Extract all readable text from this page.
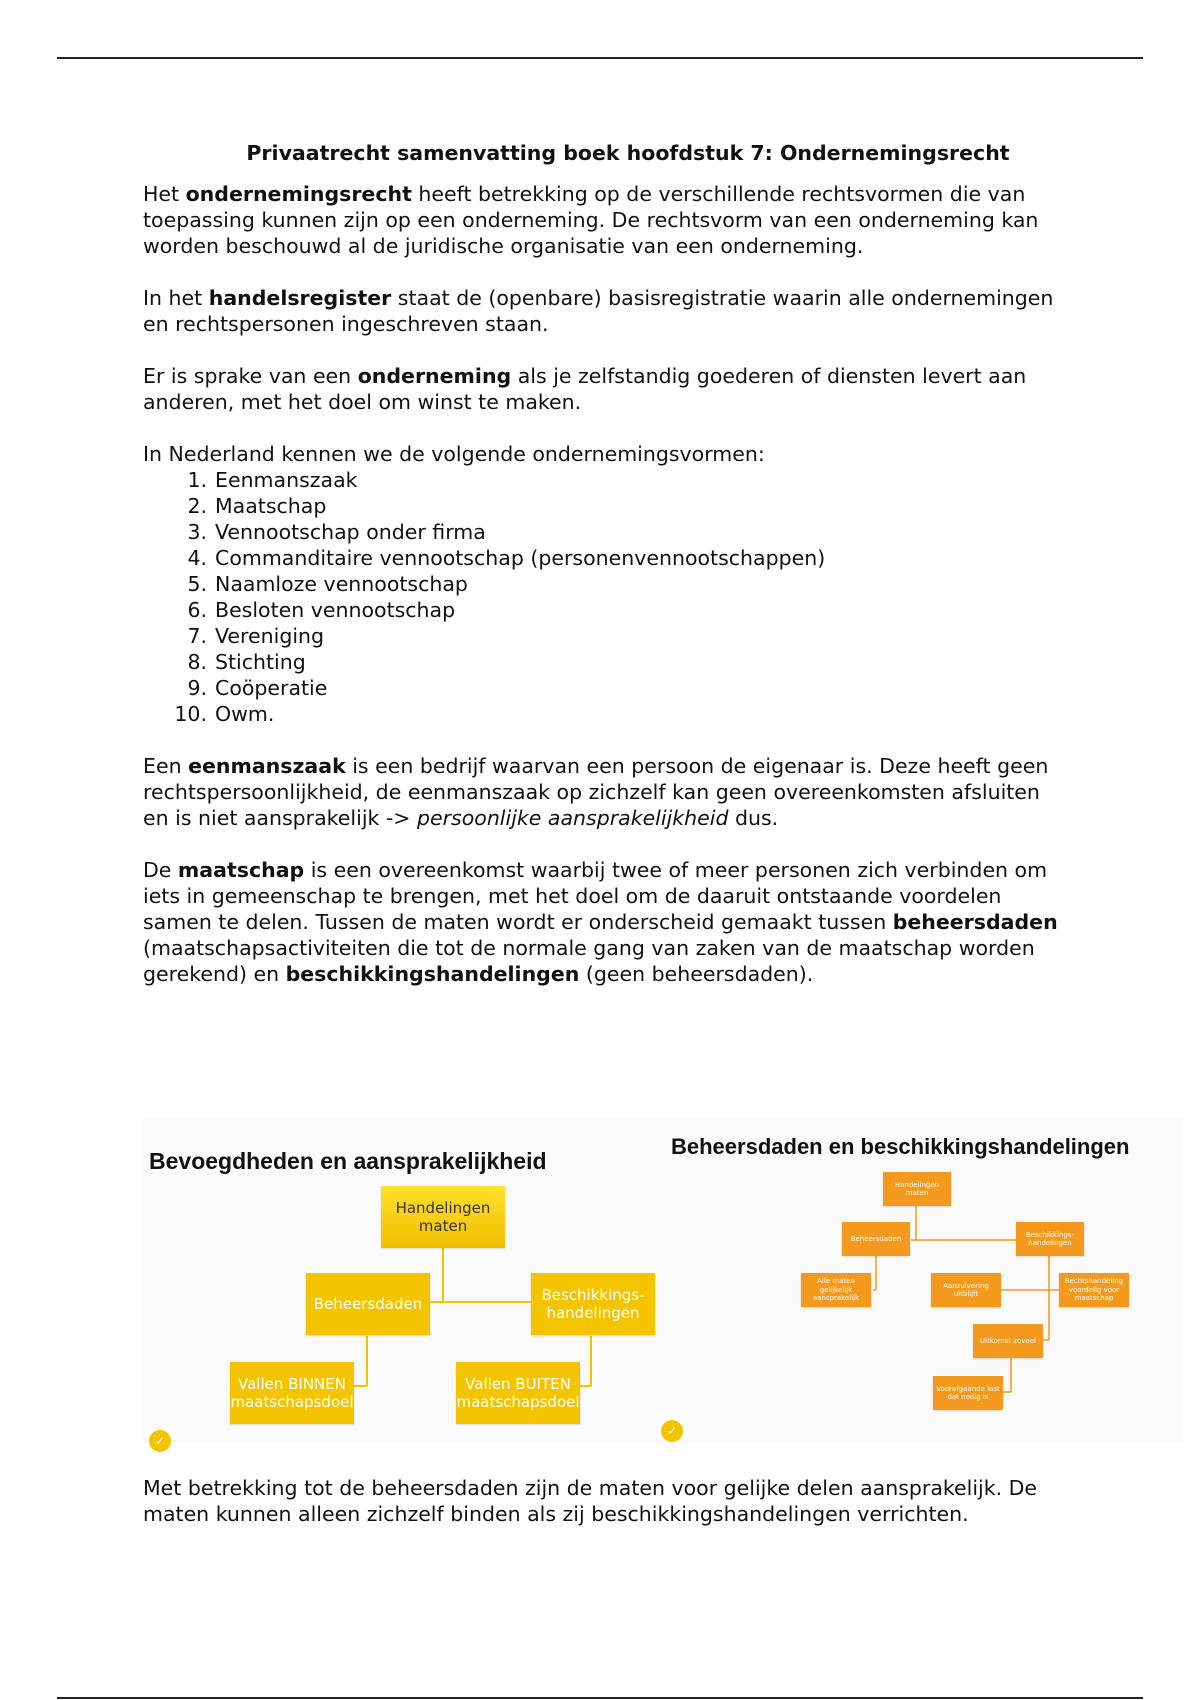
Privaatrecht samenvatting boek hoofdstuk 7: Ondernemingsrecht

Het ondernemingsrecht heeft betrekking op de verschillende rechtsvormen die van toepassing kunnen zijn op een onderneming. De rechtsvorm van een onderneming kan worden beschouwd al de juridische organisatie van een onderneming.

In het handelsregister staat de (openbare) basisregistratie waarin alle ondernemingen en rechtspersonen ingeschreven staan.

Er is sprake van een onderneming als je zelfstandig goederen of diensten levert aan anderen, met het doel om winst te maken.

In Nederland kennen we de volgende ondernemingsvormen:
1. Eenmanszaak
2. Maatschap
3. Vennootschap onder firma
4. Commanditaire vennootschap (personenvennootschappen)
5. Naamloze vennootschap
6. Besloten vennootschap
7. Vereniging
8. Stichting
9. Coöperatie
10. Owm.

Een eenmanszaak is een bedrijf waarvan een persoon de eigenaar is. Deze heeft geen rechtspersoonlijkheid, de eenmanszaak op zichzelf kan geen overeenkomsten afsluiten en is niet aansprakelijk -> persoonlijke aansprakelijkheid dus.

De maatschap is een overeenkomst waarbij twee of meer personen zich verbinden om iets in gemeenschap te brengen, met het doel om de daaruit ontstaande voordelen samen te delen. Tussen de maten wordt er onderscheid gemaakt tussen beheersdaden (maatschapsactiviteiten die tot de normale gang van zaken van de maatschap worden gerekend) en beschikkingshandelingen (geen beheersdaden).

Bevoegdheden en aansprakelijkheid
Handelingen maten
Beheersdaden	Beschikkings-handelingen
Vallen BINNEN maatschapsdoel
Vallen BUITEN maatschapsdoel
✓
Beheersdaden en beschikkingshandelingen
Handelingen maten
Beheersdaden
Beschikkings-handelingen
Alle maten gelijkelijk aansprakelijk
Aanzuivering uitblijft
Rechtshandeling voordelig voor maatschap
Uitkomst zoveel
Voorafgaande last dat nodig is
✓
Met betrekking tot de beheersdaden zijn de maten voor gelijke delen aansprakelijk. De maten kunnen alleen zichzelf binden als zij beschikkingshandelingen verrichten.
